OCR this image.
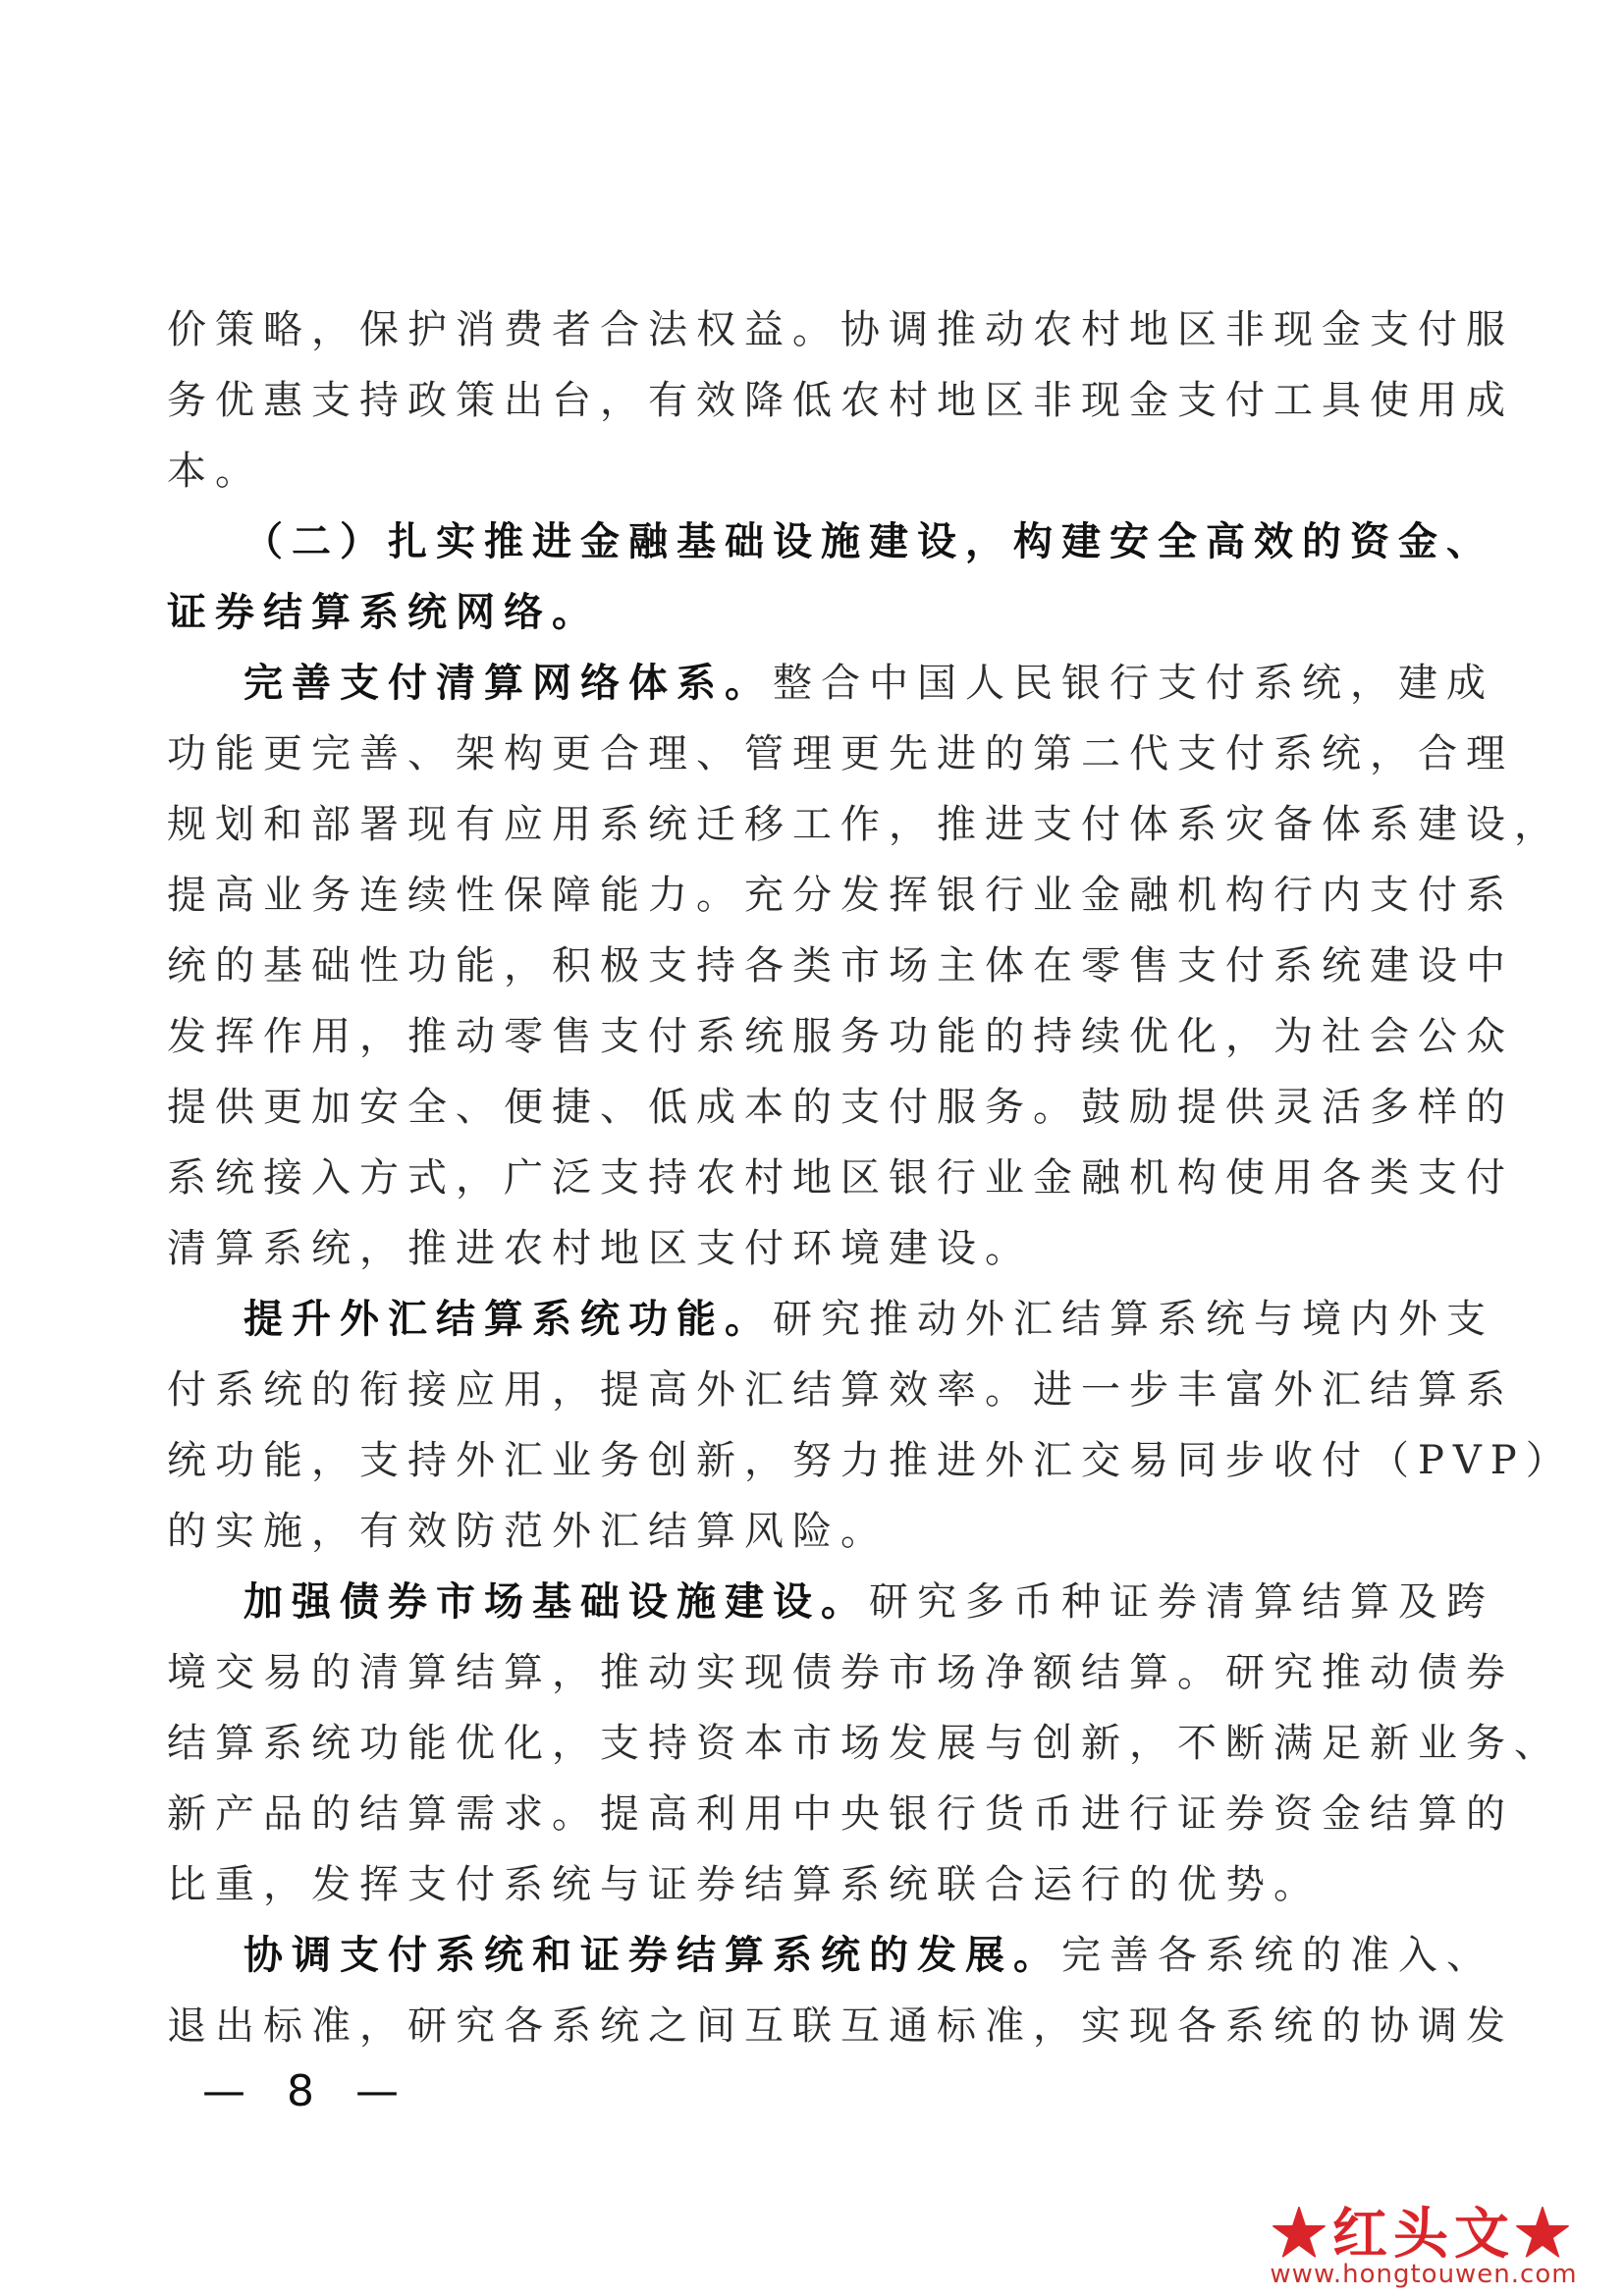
价策略，保护消费者合法权益。协调推动农村地区非现金支付服
务优惠支持政策出台，有效降低农村地区非现金支付工具使用成
本。
（二）扎实推进金融基础设施建设，构建安全高效的资金、
证券结算系统网络。
完善支付清算网络体系。整合中国人民银行支付系统，建成
功能更完善、架构更合理、管理更先进的第二代支付系统，合理
规划和部署现有应用系统迁移工作，推进支付体系灾备体系建设，
提高业务连续性保障能力。充分发挥银行业金融机构行内支付系
统的基础性功能，积极支持各类市场主体在零售支付系统建设中
发挥作用，推动零售支付系统服务功能的持续优化，为社会公众
提供更加安全、便捷、低成本的支付服务。鼓励提供灵活多样的
系统接入方式，广泛支持农村地区银行业金融机构使用各类支付
清算系统，推进农村地区支付环境建设。
提升外汇结算系统功能。研究推动外汇结算系统与境内外支
付系统的衔接应用，提高外汇结算效率。进一步丰富外汇结算系
统功能，支持外汇业务创新，努力推进外汇交易同步收付（PVP）
的实施，有效防范外汇结算风险。
加强债券市场基础设施建设。研究多币种证券清算结算及跨
境交易的清算结算，推动实现债券市场净额结算。研究推动债券
结算系统功能优化，支持资本市场发展与创新，不断满足新业务、
新产品的结算需求。提高利用中央银行货币进行证券资金结算的
比重，发挥支付系统与证券结算系统联合运行的优势。
协调支付系统和证券结算系统的发展。完善各系统的准入、
退出标准，研究各系统之间互联互通标准，实现各系统的协调发
— 8 —
★红头文★
www.hongtouwen.com
